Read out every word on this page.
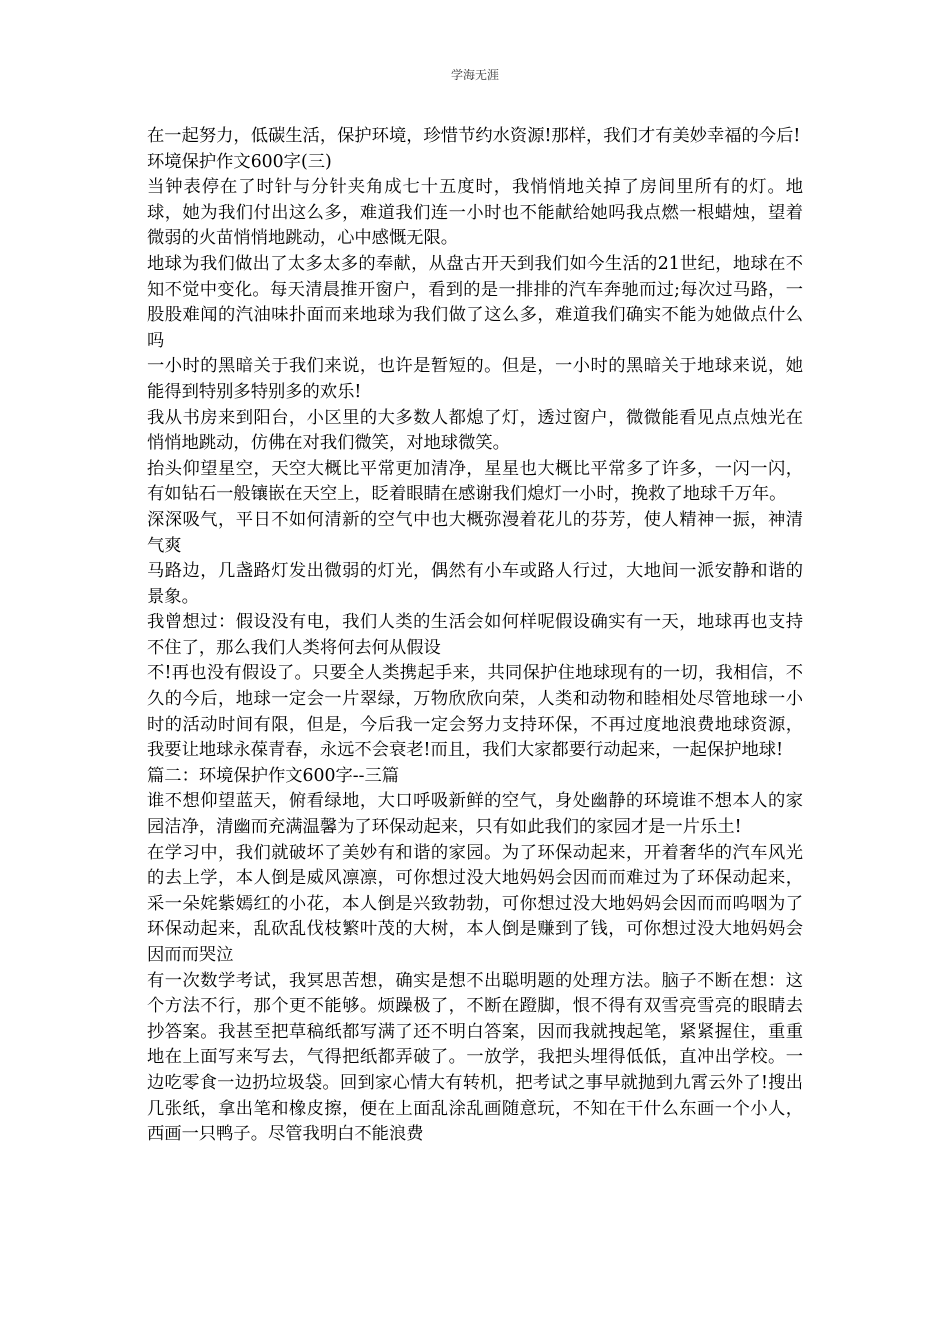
学海无涯

在一起努力，低碳生活，保护环境，珍惜节约水资源!那样，我们才有美妙幸福的今后!

环境保护作文600字(三)

当钟表停在了时针与分针夹角成七十五度时，我悄悄地关掉了房间里所有的灯。地球，她为我们付出这么多，难道我们连一小时也不能献给她吗我点燃一根蜡烛，望着微弱的火苗悄悄地跳动，心中感慨无限。

地球为我们做出了太多太多的奉献，从盘古开天到我们如今生活的21世纪，地球在不知不觉中变化。每天清晨推开窗户，看到的是一排排的汽车奔驰而过;每次过马路，一股股难闻的汽油味扑面而来地球为我们做了这么多，难道我们确实不能为她做点什么吗

一小时的黑暗关于我们来说，也许是暂短的。但是，一小时的黑暗关于地球来说，她能得到特别多特别多的欢乐!

我从书房来到阳台，小区里的大多数人都熄了灯，透过窗户，微微能看见点点烛光在悄悄地跳动，仿佛在对我们微笑，对地球微笑。

抬头仰望星空，天空大概比平常更加清净，星星也大概比平常多了许多，一闪一闪，有如钻石一般镶嵌在天空上，眨着眼睛在感谢我们熄灯一小时，挽救了地球千万年。

深深吸气，平日不如何清新的空气中也大概弥漫着花儿的芬芳，使人精神一振，神清气爽

马路边，几盏路灯发出微弱的灯光，偶然有小车或路人行过，大地间一派安静和谐的景象。

我曾想过：假设没有电，我们人类的生活会如何样呢假设确实有一天，地球再也支持不住了，那么我们人类将何去何从假设

不!再也没有假设了。只要全人类携起手来，共同保护住地球现有的一切，我相信，不久的今后，地球一定会一片翠绿，万物欣欣向荣，人类和动物和睦相处尽管地球一小时的活动时间有限，但是，今后我一定会努力支持环保，不再过度地浪费地球资源，我要让地球永葆青春，永远不会衰老!而且，我们大家都要行动起来，一起保护地球!

篇二：环境保护作文600字--三篇

谁不想仰望蓝天，俯看绿地，大口呼吸新鲜的空气，身处幽静的环境谁不想本人的家园洁净，清幽而充满温馨为了环保动起来，只有如此我们的家园才是一片乐土!

在学习中，我们就破坏了美妙有和谐的家园。为了环保动起来，开着奢华的汽车风光的去上学，本人倒是威风凛凛，可你想过没大地妈妈会因而而难过为了环保动起来，采一朵姹紫嫣红的小花，本人倒是兴致勃勃，可你想过没大地妈妈会因而而呜咽为了环保动起来，乱砍乱伐枝繁叶茂的大树，本人倒是赚到了钱，可你想过没大地妈妈会因而而哭泣

有一次数学考试，我冥思苦想，确实是想不出聪明题的处理方法。脑子不断在想：这个方法不行，那个更不能够。烦躁极了，不断在蹬脚，恨不得有双雪亮雪亮的眼睛去抄答案。我甚至把草稿纸都写满了还不明白答案，因而我就拽起笔，紧紧握住，重重地在上面写来写去，气得把纸都弄破了。一放学，我把头埋得低低，直冲出学校。一边吃零食一边扔垃圾袋。回到家心情大有转机，把考试之事早就抛到九霄云外了!搜出几张纸，拿出笔和橡皮擦，便在上面乱涂乱画随意玩，不知在干什么东画一个小人，西画一只鸭子。尽管我明白不能浪费
